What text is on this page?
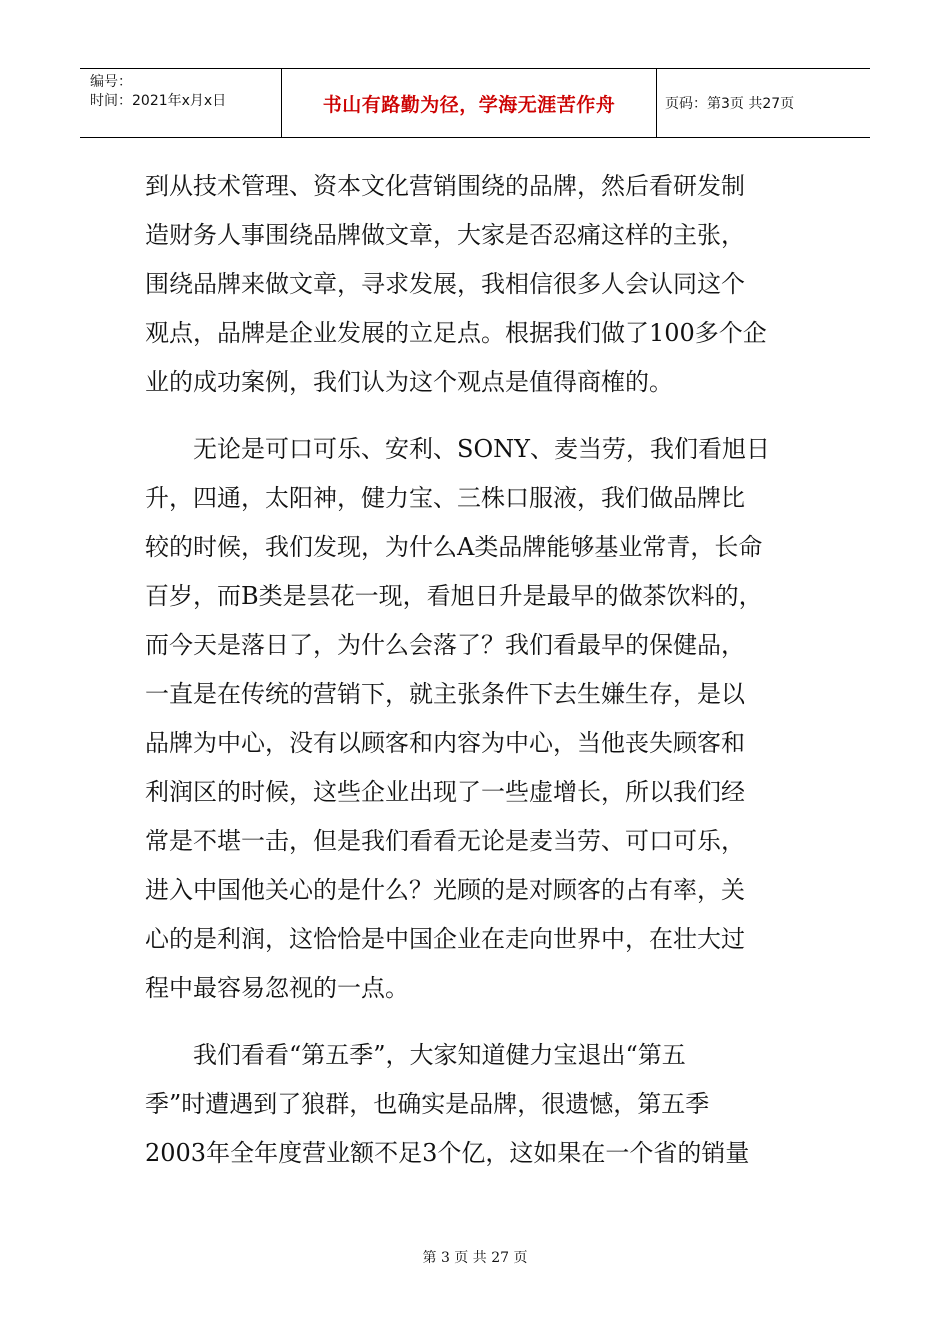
编号：
时间：2021年x月x日	书山有路勤为径，学海无涯苦作舟	页码：第3页 共27页

到从技术管理、资本文化营销围绕的品牌，然后看研发制
造财务人事围绕品牌做文章，大家是否忍痛这样的主张，
围绕品牌来做文章，寻求发展，我相信很多人会认同这个
观点，品牌是企业发展的立足点。根据我们做了100多个企
业的成功案例，我们认为这个观点是值得商榷的。

　　无论是可口可乐、安利、SONY、麦当劳，我们看旭日
升，四通，太阳神，健力宝、三株口服液，我们做品牌比
较的时候，我们发现，为什么A类品牌能够基业常青，长命
百岁，而B类是昙花一现，看旭日升是最早的做茶饮料的，
而今天是落日了，为什么会落了？我们看最早的保健品，
一直是在传统的营销下，就主张条件下去生嫌生存，是以
品牌为中心，没有以顾客和内容为中心，当他丧失顾客和
利润区的时候，这些企业出现了一些虚增长，所以我们经
常是不堪一击，但是我们看看无论是麦当劳、可口可乐，
进入中国他关心的是什么？光顾的是对顾客的占有率，关
心的是利润，这恰恰是中国企业在走向世界中，在壮大过
程中最容易忽视的一点。

　　我们看看“第五季”，大家知道健力宝退出“第五
季”时遭遇到了狼群，也确实是品牌，很遗憾，第五季
2003年全年度营业额不足3个亿，这如果在一个省的销量

第 3 页 共 27 页
